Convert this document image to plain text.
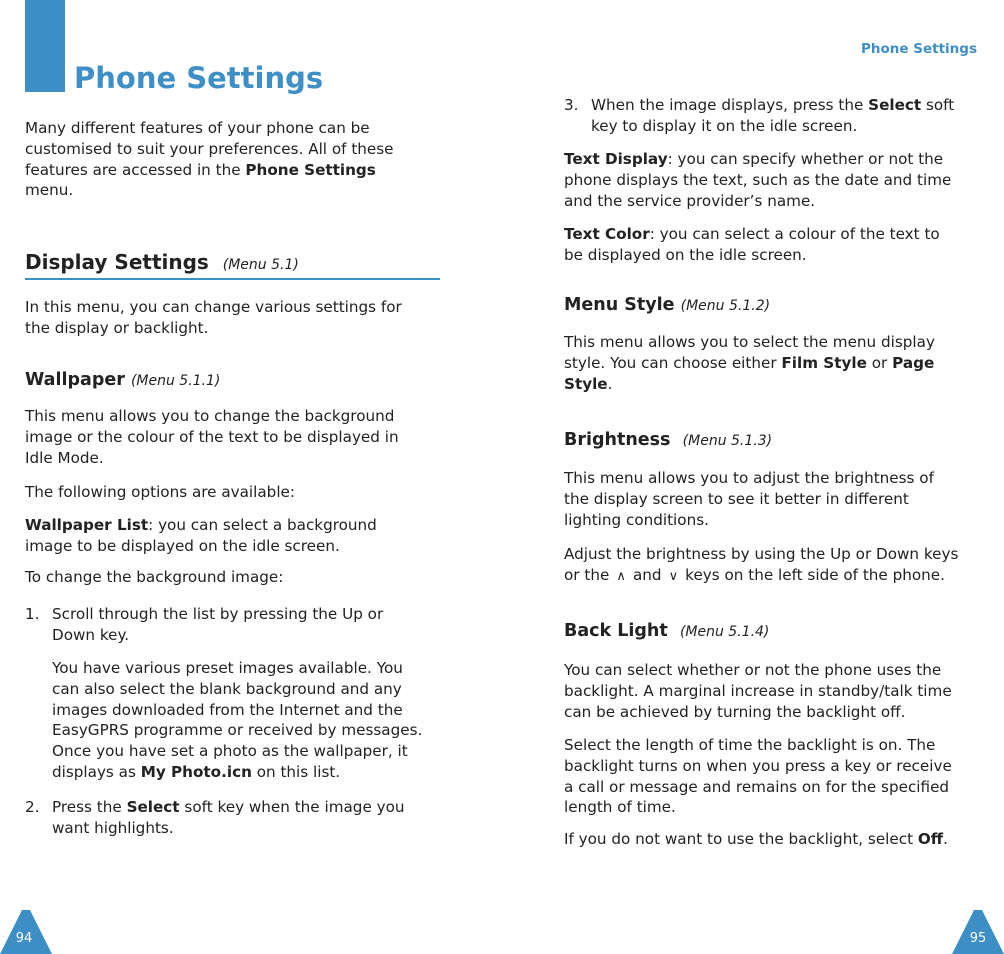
Phone Settings

Many different features of your phone can be
customised to suit your preferences. All of these
features are accessed in the Phone Settings
menu.

Display Settings (Menu 5.1)

In this menu, you can change various settings for
the display or backlight.

Wallpaper (Menu 5.1.1)

This menu allows you to change the background
image or the colour of the text to be displayed in
Idle Mode.

The following options are available:

Wallpaper List: you can select a background
image to be displayed on the idle screen.

To change the background image:

1. Scroll through the list by pressing the Up or
Down key.

You have various preset images available. You
can also select the blank background and any
images downloaded from the Internet and the
EasyGPRS programme or received by messages.
Once you have set a photo as the wallpaper, it
displays as My Photo.icn on this list.

2. Press the Select soft key when the image you
want highlights.

94
Phone Settings
3. When the image displays, press the Select soft
key to display it on the idle screen.

Text Display: you can specify whether or not the
phone displays the text, such as the date and time
and the service provider’s name.

Text Color: you can select a colour of the text to
be displayed on the idle screen.

Menu Style (Menu 5.1.2)

This menu allows you to select the menu display
style. You can choose either Film Style or Page
Style.

Brightness (Menu 5.1.3)

This menu allows you to adjust the brightness of
the display screen to see it better in different
lighting conditions.

Adjust the brightness by using the Up or Down keys
or the ∧ and ∨ keys on the left side of the phone.

Back Light (Menu 5.1.4)

You can select whether or not the phone uses the
backlight. A marginal increase in standby/talk time
can be achieved by turning the backlight off.

Select the length of time the backlight is on. The
backlight turns on when you press a key or receive
a call or message and remains on for the specified
length of time.

If you do not want to use the backlight, select Off.

95
